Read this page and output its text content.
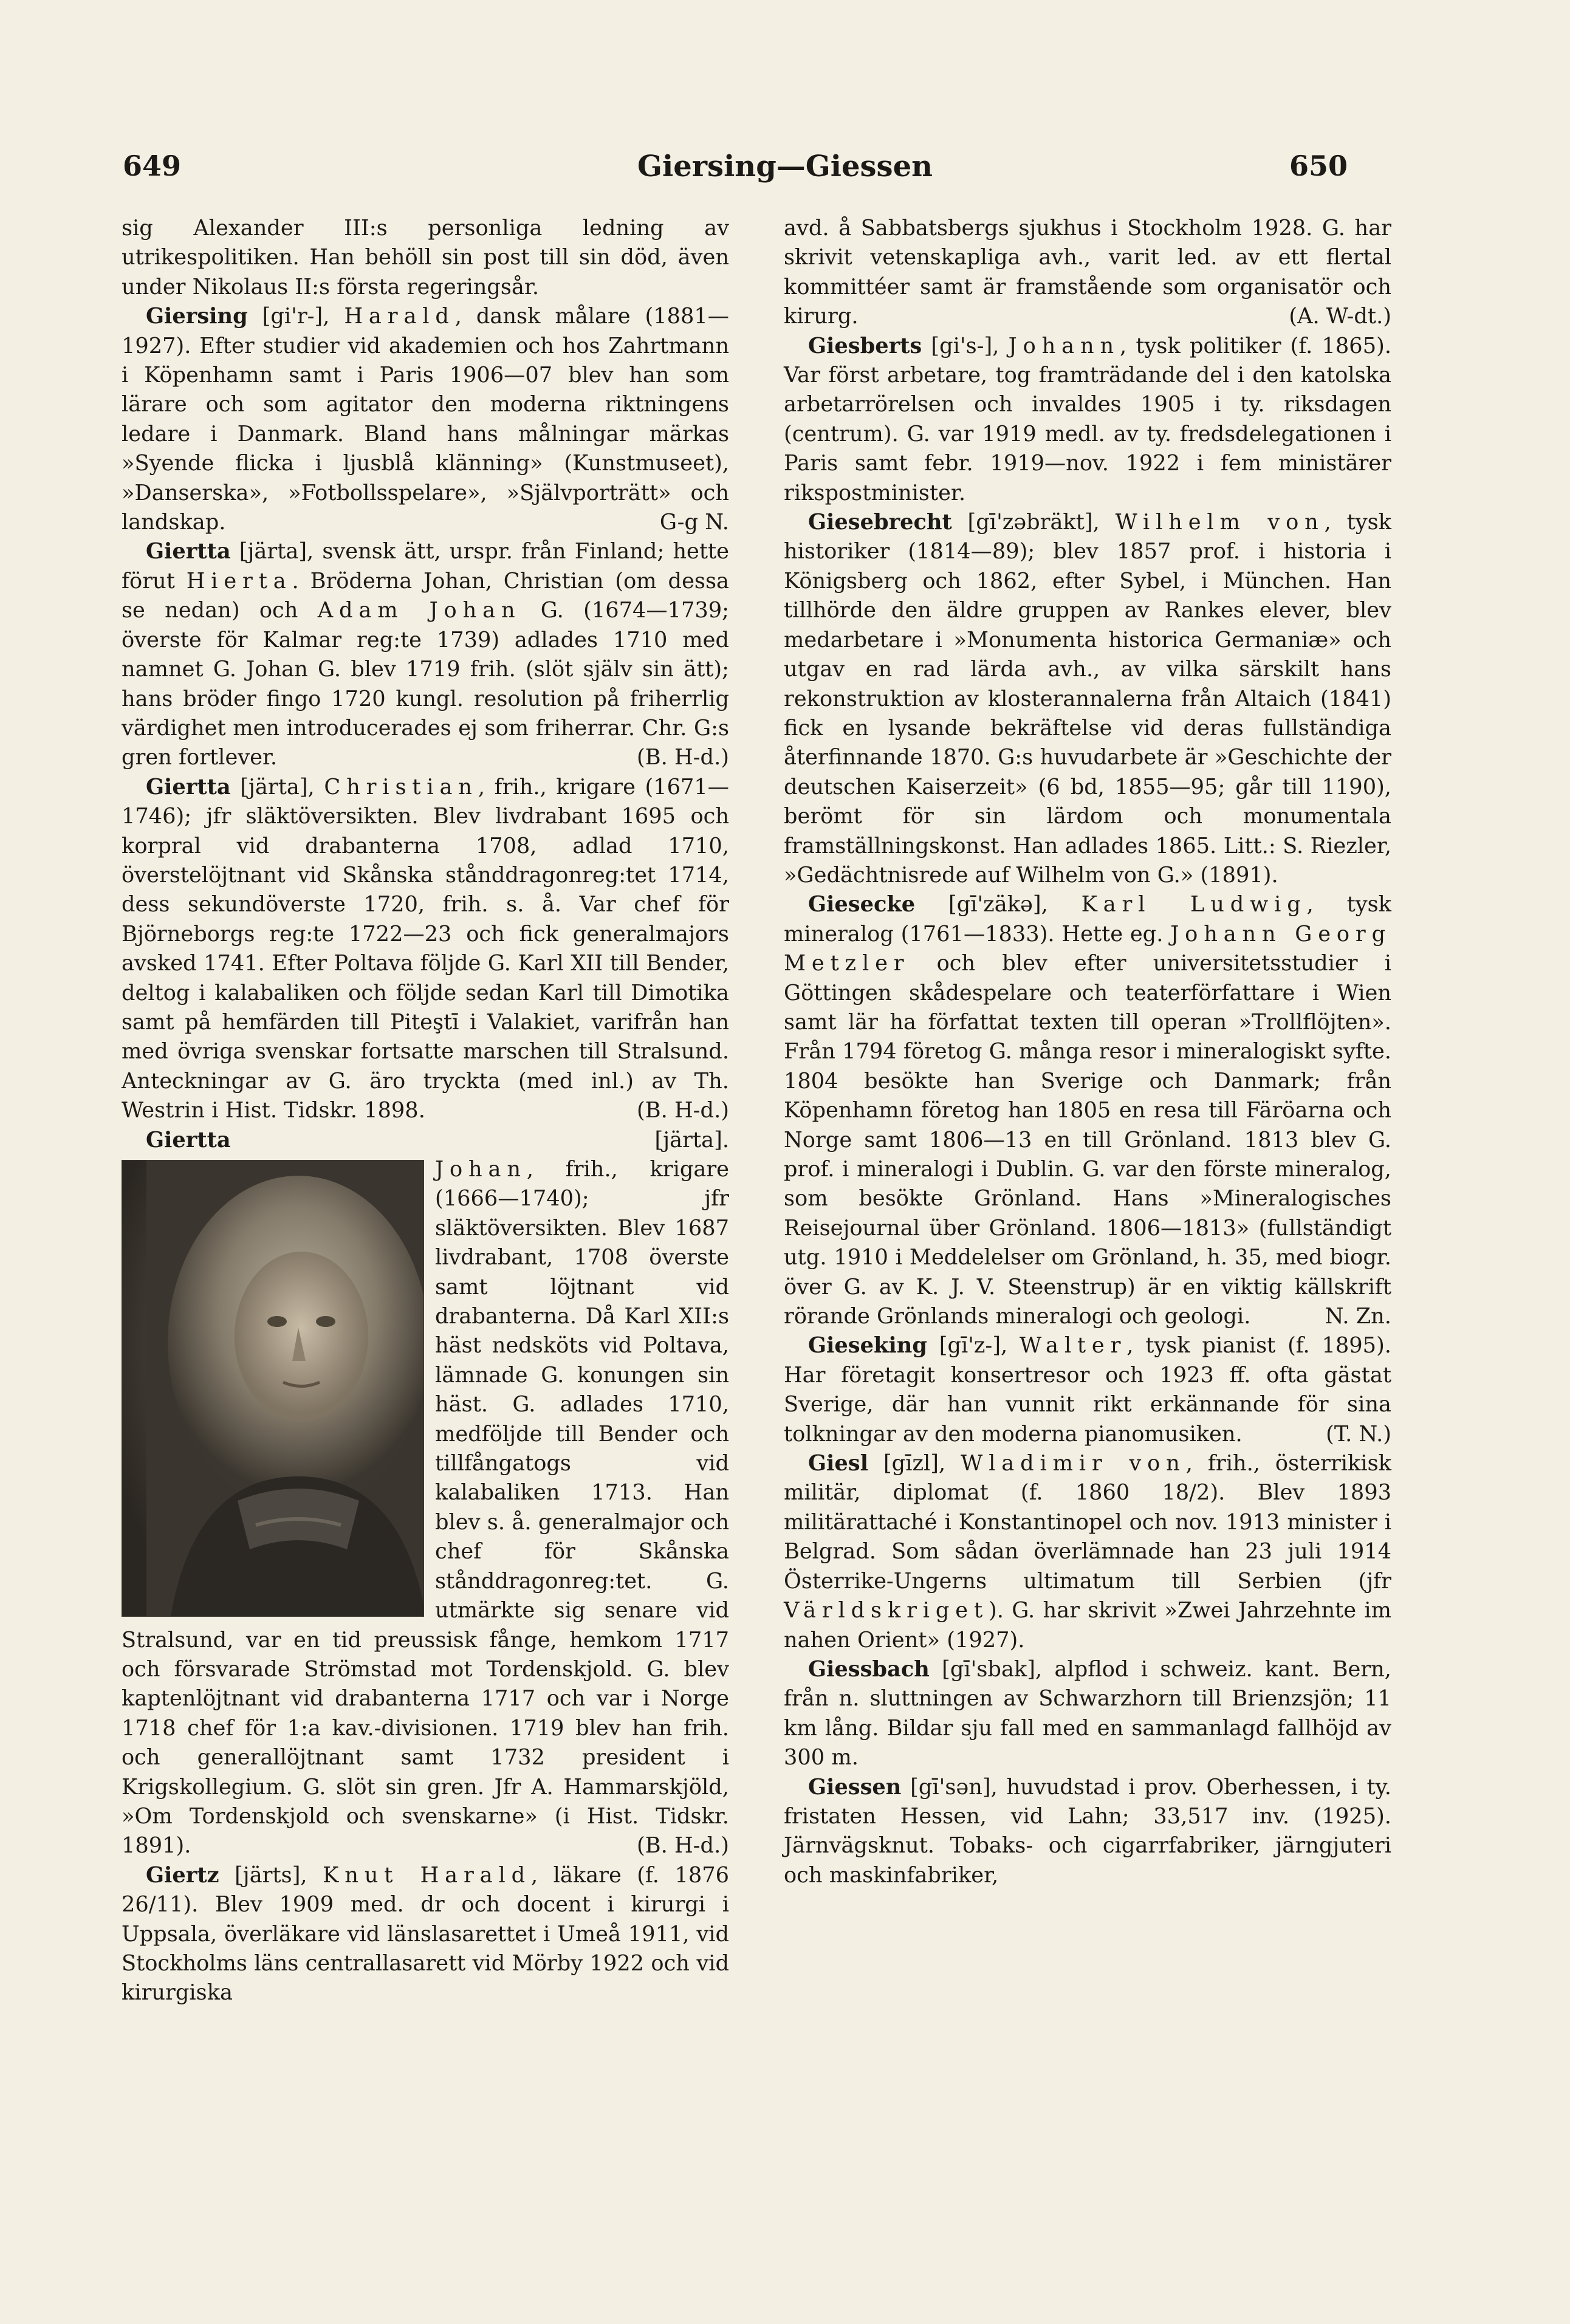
649	Giersing—Giessen	650

sig Alexander III:s personliga ledning av utrikespolitiken. Han behöll sin post till sin död, även under Nikolaus II:s första regeringsår.

Giersing [gi'r-], Harald, dansk målare (1881—1927). Efter studier vid akademien och hos Zahrtmann i Köpenhamn samt i Paris 1906—07 blev han som lärare och som agitator den moderna riktningens ledare i Danmark. Bland hans målningar märkas »Syende flicka i ljusblå klänning» (Kunstmuseet), »Danserska», »Fotbollsspelare», »Självporträtt» och landskap.	G-g N.

Giertta [järta], svensk ätt, urspr. från Finland; hette förut Hierta. Bröderna Johan, Christian (om dessa se nedan) och Adam Johan G. (1674—1739; överste för Kalmar reg:te 1739) adlades 1710 med namnet G. Johan G. blev 1719 frih. (slöt själv sin ätt); hans bröder fingo 1720 kungl. resolution på friherrlig värdighet men introducerades ej som friherrar. Chr. G:s gren fortlever.	(B. H-d.)

Giertta [järta], Christian, frih., krigare (1671—1746); jfr släktöversikten. Blev livdrabant 1695 och korpral vid drabanterna 1708, adlad 1710, överstelöjtnant vid Skånska stånddragonreg:tet 1714, dess sekundöverste 1720, frih. s. å. Var chef för Björneborgs reg:te 1722—23 och fick generalmajors avsked 1741. Efter Poltava följde G. Karl XII till Bender, deltog i kalabaliken och följde sedan Karl till Dimotika samt på hemfärden till Piteştī i Valakiet, varifrån han med övriga svenskar fortsatte marschen till Stralsund. Anteckningar av G. äro tryckta (med inl.) av Th. Westrin i Hist. Tidskr. 1898.	(B. H-d.)

Giertta [järta]. Johan
, frih., krigare (1666—1740); jfr släktöversikten. Blev 1687 livdrabant, 1708 överste samt löjtnant vid drabanterna. Då Karl XII:s häst nedsköts vid Poltava, lämnade G. konungen sin häst. G. adlades 1710, medföljde till Bender och tillfångatogs vid kalabaliken 1713. Han blev s. å. generalmajor och chef för Skånska stånddragonreg:tet. G. utmärkte sig senare vid Stralsund, var en tid preussisk fånge, hemkom 1717 och försvarade Strömstad mot Tordenskjold. G. blev kaptenlöjtnant vid drabanterna 1717 och var i Norge 1718 chef för 1:a kav.-divisionen. 1719 blev han frih. och generallöjtnant samt 1732 president i Krigskollegium. G. slöt sin gren. Jfr A. Hammarskjöld, »Om Tordenskjold och svenskarne» (i Hist. Tidskr. 1891).	(B. H-d.)

Giertz [järts], Knut Harald, läkare (f. 1876 26/11). Blev 1909 med. dr och docent i kirurgi i Uppsala, överläkare vid länslasarettet i Umeå 1911, vid Stockholms läns centrallasarett vid Mörby 1922 och vid kirurgiska

avd. å Sabbatsbergs sjukhus i Stockholm 1928. G. har skrivit vetenskapliga avh., varit led. av ett flertal kommittéer samt är framstående som organisatör och kirurg.	(A. W-dt.)

Giesberts [gi's-], Johann, tysk politiker (f. 1865). Var först arbetare, tog framträdande del i den katolska arbetarrörelsen och invaldes 1905 i ty. riksdagen (centrum). G. var 1919 medl. av ty. fredsdelegationen i Paris samt febr. 1919—nov. 1922 i fem ministärer rikspostminister.

Giesebrecht [gī'zəbräkt], Wilhelm von, tysk historiker (1814—89); blev 1857 prof. i historia i Königsberg och 1862, efter Sybel, i München. Han tillhörde den äldre gruppen av Rankes elever, blev medarbetare i »Monumenta historica Germaniæ» och utgav en rad lärda avh., av vilka särskilt hans rekonstruktion av klosterannalerna från Altaich (1841) fick en lysande bekräftelse vid deras fullständiga återfinnande 1870. G:s huvudarbete är »Geschichte der deutschen Kaiserzeit» (6 bd, 1855—95; går till 1190), berömt för sin lärdom och monumentala framställningskonst. Han adlades 1865. Litt.: S. Riezler, »Gedächtnisrede auf Wilhelm von G.» (1891).

Giesecke [gī'zäkə], Karl Ludwig, tysk mineralog (1761—1833). Hette eg. Johann Georg Metzler och blev efter universitetsstudier i Göttingen skådespelare och teaterförfattare i Wien samt lär ha författat texten till operan »Trollflöjten». Från 1794 företog G. många resor i mineralogiskt syfte. 1804 besökte han Sverige och Danmark; från Köpenhamn företog han 1805 en resa till Färöarna och Norge samt 1806—13 en till Grönland. 1813 blev G. prof. i mineralogi i Dublin. G. var den förste mineralog, som besökte Grönland. Hans »Mineralogisches Reisejournal über Grönland. 1806—1813» (fullständigt utg. 1910 i Meddelelser om Grönland, h. 35, med biogr. över G. av K. J. V. Steenstrup) är en viktig källskrift rörande Grönlands mineralogi och geologi.	N. Zn.

Gieseking [gī'z-], Walter, tysk pianist (f. 1895). Har företagit konsertresor och 1923 ff. ofta gästat Sverige, där han vunnit rikt erkännande för sina tolkningar av den moderna pianomusiken.	(T. N.)

Giesl [gīzl], Wladimir von, frih., österrikisk militär, diplomat (f. 1860 18/2). Blev 1893 militärattaché i Konstantinopel och nov. 1913 minister i Belgrad. Som sådan överlämnade han 23 juli 1914 Österrike-Ungerns ultimatum till Serbien (jfr Världskriget). G. har skrivit »Zwei Jahrzehnte im nahen Orient» (1927).

Giessbach [gī'sbak], alpflod i schweiz. kant. Bern, från n. sluttningen av Schwarzhorn till Brienzsjön; 11 km lång. Bildar sju fall med en sammanlagd fallhöjd av 300 m.

Giessen [gī'sən], huvudstad i prov. Oberhessen, i ty. fristaten Hessen, vid Lahn; 33,517 inv. (1925). Järnvägsknut. Tobaks- och cigarrfabriker, järngjuteri och maskinfabriker,
